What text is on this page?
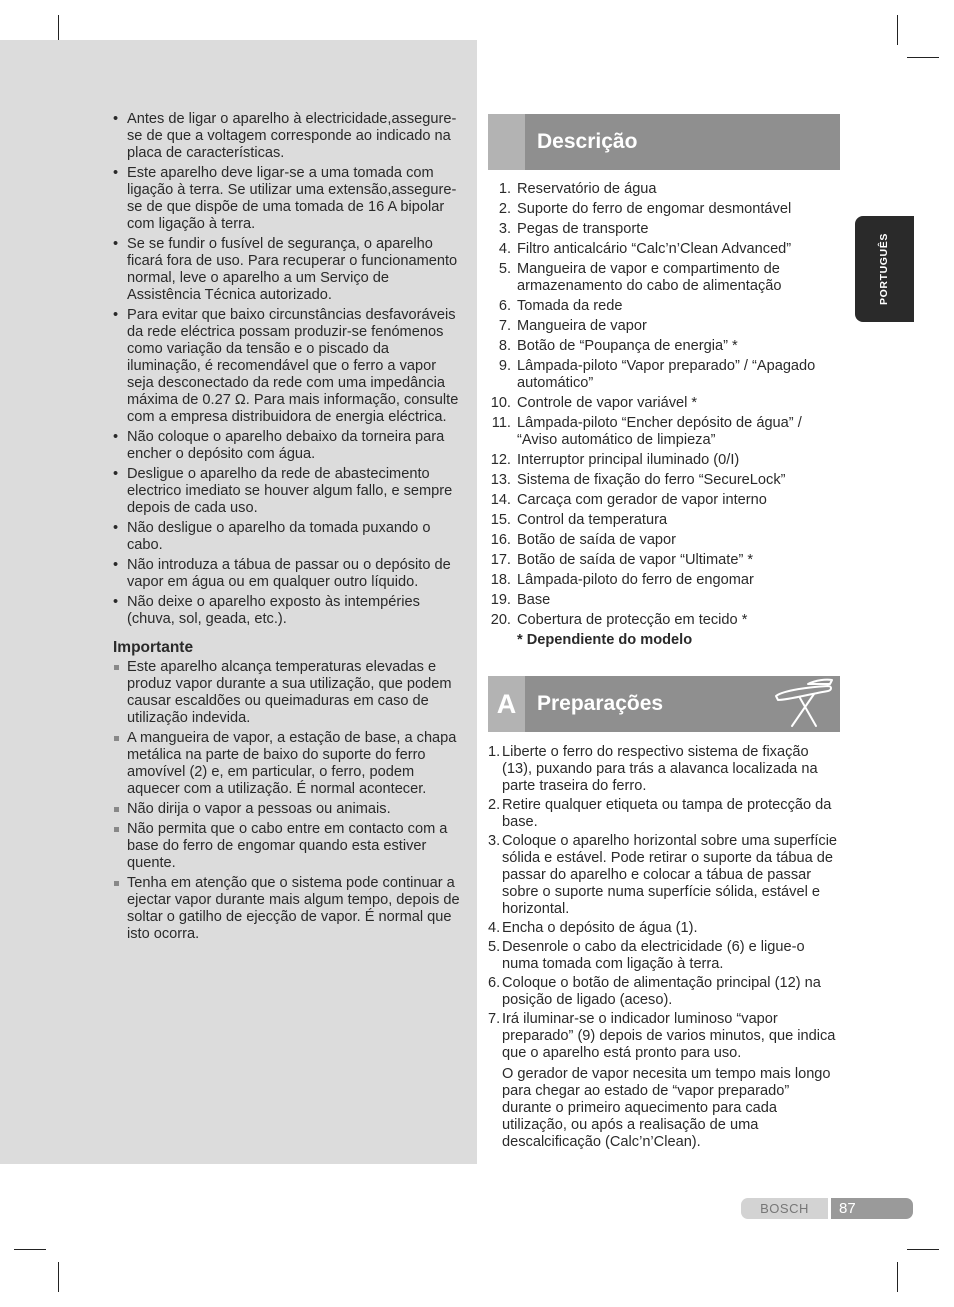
• Antes de ligar o aparelho à electricidade,assegure-se de que a voltagem corresponde ao indicado na placa de características.
• Este aparelho deve ligar-se a uma tomada com ligação à terra. Se utilizar uma extensão,assegure-se de que dispõe de uma tomada de 16 A bipolar com ligação à terra.
• Se se fundir o fusível de segurança, o aparelho ficará fora de uso. Para recuperar o funcionamento normal, leve o aparelho a um Serviço de Assistência Técnica autorizado.
• Para evitar que baixo circunstâncias desfavoráveis da rede eléctrica possam produzir-se fenómenos como variação da tensão e o piscado da iluminação, é recomendável que o ferro a vapor seja desconectado da rede com uma impedância máxima de 0.27 Ω. Para mais informação, consulte com a empresa distribuidora de energia eléctrica.
• Não coloque o aparelho debaixo da torneira para encher o depósito com água.
• Desligue o aparelho da rede de abastecimento electrico imediato se houver algum fallo, e sempre depois de cada uso.
• Não desligue o aparelho da tomada puxando o cabo.
• Não introduza a tábua de passar ou o depósito de vapor em água ou em qualquer outro líquido.
• Não deixe o aparelho exposto às intempéries (chuva, sol, geada, etc.).
Importante
Este aparelho alcança temperaturas elevadas e produz vapor durante a sua utilização, que podem causar escaldões ou queimaduras em caso de utilização indevida.
A mangueira de vapor, a estação de base, a chapa metálica na parte de baixo do suporte do ferro amovível (2) e, em particular, o ferro, podem aquecer com a utilização. É normal acontecer.
Não dirija o vapor a pessoas ou animais.
Não permita que o cabo entre em contacto com a base do ferro de engomar quando esta estiver quente.
Tenha em atenção que o sistema pode continuar a ejectar vapor durante mais algum tempo, depois de soltar o gatilho de ejecção de vapor. É normal que isto ocorra.
Descrição
1. Reservatório de água
2. Suporte do ferro de engomar desmontável
3. Pegas de transporte
4. Filtro anticalcário “Calc’n’Clean Advanced”
5. Mangueira de vapor e compartimento de armazenamento do cabo de alimentação
6. Tomada da rede
7. Mangueira de vapor
8. Botão de “Poupança de energia” *
9. Lâmpada-piloto “Vapor preparado” / “Apagado automático”
10. Controle de vapor variável *
11. Lâmpada-piloto “Encher depósito de água” / “Aviso automático de limpieza”
12. Interruptor principal iluminado (0/I)
13. Sistema de fixação do ferro “SecureLock”
14. Carcaça com gerador de vapor interno
15. Control da temperatura
16. Botão de saída de vapor
17. Botão de saída de vapor “Ultimate” *
18. Lâmpada-piloto do ferro de engomar
19. Base
20. Cobertura de protecção em tecido *
* Dependiente do modelo
A Preparações
1. Liberte o ferro do respectivo sistema de fixação (13), puxando para trás a alavanca localizada na parte traseira do ferro.
2. Retire qualquer etiqueta ou tampa de protecção da base.
3. Coloque o aparelho horizontal sobre uma superfície sólida e estável. Pode retirar o suporte da tábua de passar do aparelho e colocar a tábua de passar sobre o suporte numa superfície sólida, estável e horizontal.
4. Encha o depósito de água (1).
5. Desenrole o cabo da electricidade (6) e ligue-o numa tomada com ligação à terra.
6. Coloque o botão de alimentação principal (12) na posição de ligado (aceso).
7. Irá iluminar-se o indicador luminoso “vapor preparado” (9) depois de varios minutos, que indica que o aparelho está pronto para uso.
O gerador de vapor necesita um tempo mais longo para chegar ao estado de “vapor preparado” durante o primeiro aquecimento para cada utilização, ou após a realisação de uma descalcificação (Calc’n’Clean).
PORTUGUÊS
BOSCH	87
